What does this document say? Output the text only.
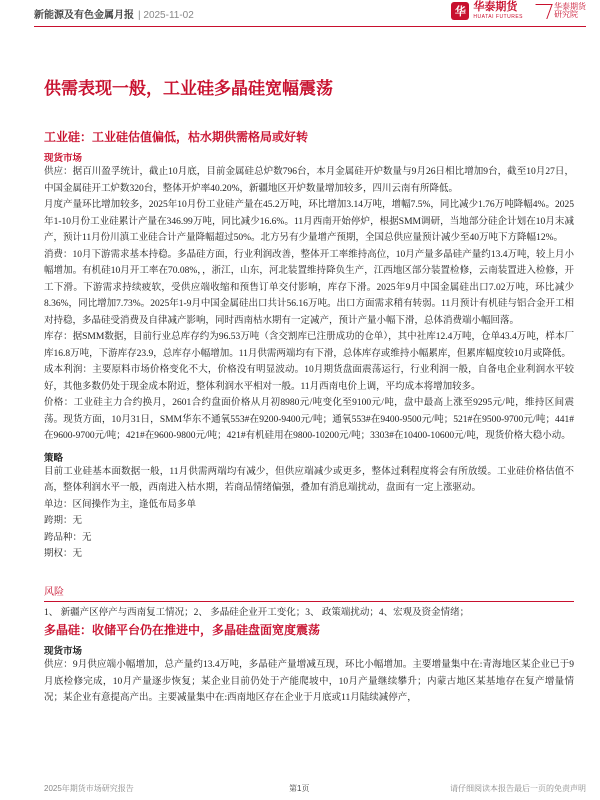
新能源及有色金属月报 | 2025-11-02	华 华泰期货
HUATAI FUTURES
华泰期货
研究院
供需表现一般，工业硅多晶硅宽幅震荡
工业硅：工业硅估值偏低，枯水期供需格局或好转
现货市场

供应：据百川盈孚统计，截止10月底，目前金属硅总炉数796台，本月金属硅开炉数量与9月26日相比增加9台，截至10月27日，中国金属硅开工炉数320台，整体开炉率40.20%，新疆地区开炉数量增加较多，四川云南有所降低。

月度产量环比增加较多，2025年10月份工业硅产量在45.2万吨，环比增加3.14万吨，增幅7.5%，同比减少1.76万吨降幅4%。2025年1-10月份工业硅累计产量在346.99万吨，同比减少16.6%。11月西南开始停炉，根据SMM调研，当地部分硅企计划在10月末减产，预计11月份川滇工业硅合计产量降幅超过50%。北方另有少量增产预期，全国总供应量预计减少至40万吨下方降幅12%。

消费：10月下游需求基本持稳。多晶硅方面，行业利润改善，整体开工率维持高位，10月产量多晶硅产量约13.4万吨，较上月小幅增加。有机硅10月开工率在70.08%，，浙江，山东，河北装置维持降负生产，江西地区部分装置检修，云南装置进入检修，开工下滑。下游需求持续疲软，受供应端收缩和预售订单交付影响，库存下滑。2025年9月中国金属硅出口7.02万吨，环比减少8.36%，同比增加7.73%。2025年1-9月中国金属硅出口共计56.16万吨。出口方面需求稍有转弱。11月预计有机硅与铝合金开工相对持稳，多晶硅受消费及自律减产影响，同时西南枯水期有一定减产，预计产量小幅下滑，总体消费端小幅回落。

库存：据SMM数据，目前行业总库存约为96.53万吨（含交割库已注册成功的仓单），其中社库12.4万吨，仓单43.4万吨，样本厂库16.8万吨，下游库存23.9，总库存小幅增加。11月供需两端均有下滑，总体库存或维持小幅累库，但累库幅度较10月或降低。

成本利润：主要原料市场价格变化不大，价格没有明显波动。10月期货盘面震荡运行，行业利润一般，自备电企业利润水平较好，其他多数仍处于现金成本附近，整体利润水平相对一般。11月西南电价上调，平均成本将增加较多。

价格：工业硅主力合约换月，2601合约盘面价格从月初8980元/吨变化至9100元/吨，盘中最高上涨至9295元/吨，维持区间震荡。现货方面，10月31日，SMM华东不通氧553#在9200-9400元/吨；通氧553#在9400-9500元/吨；521#在9500-9700元/吨；441#在9600-9700元/吨；421#在9600-9800元/吨；421#有机硅用在9800-10200元/吨；3303#在10400-10600元/吨，现货价格大稳小动。

策略

目前工业硅基本面数据一般，11月供需两端均有减少，但供应端减少或更多，整体过剩程度将会有所放缓。工业硅价格估值不高，整体利润水平一般，西南进入枯水期，若商品情绪偏强，叠加有消息端扰动，盘面有一定上涨驱动。

单边：区间操作为主，逢低布局多单

跨期：无

跨品种：无

期权：无

风险

1、 新疆产区停产与西南复工情况；2、 多晶硅企业开工变化；3、 政策端扰动；4、宏观及资金情绪；

多晶硅：收储平台仍在推进中，多晶硅盘面宽度震荡
现货市场

供应：9月供应端小幅增加，总产量约13.4万吨，多晶硅产量增减互现，环比小幅增加。主要增量集中在:青海地区某企业已于9月底检修完成，10月产量逐步恢复；某企业目前仍处于产能爬坡中，10月产量继续攀升；内蒙古地区某基地存在复产增量情况；某企业有意提高产出。主要减量集中在:西南地区存在企业于月底或11月陆续减停产，

2025年期货市场研究报告	第1页	请仔细阅读本报告最后一页的免责声明
